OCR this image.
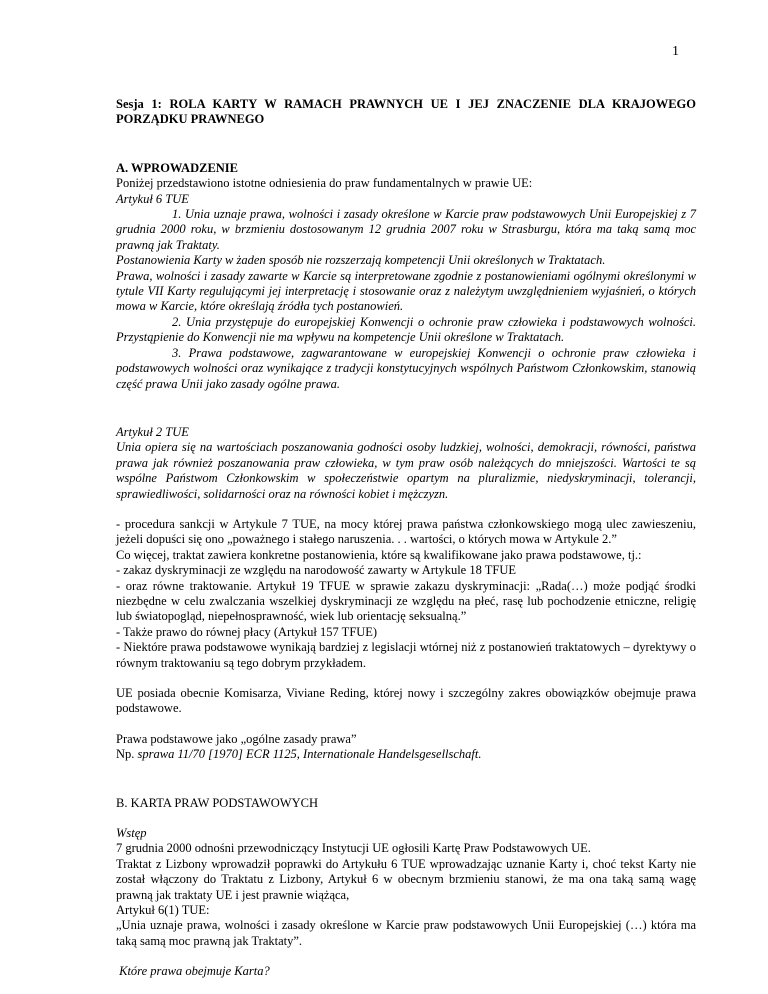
1

Sesja 1: ROLA KARTY W RAMACH PRAWNYCH UE I JEJ ZNACZENIE DLA KRAJOWEGO PORZĄDKU PRAWNEGO

A. WPROWADZENIE

Poniżej przedstawiono istotne odniesienia do praw fundamentalnych w prawie UE:

Artykuł 6 TUE

1. Unia uznaje prawa, wolności i zasady określone w Karcie praw podstawowych Unii Europejskiej z 7 grudnia 2000 roku, w brzmieniu dostosowanym 12 grudnia 2007 roku w Strasburgu, która ma taką samą moc prawną jak Traktaty.

Postanowienia Karty w żaden sposób nie rozszerzają kompetencji Unii określonych w Traktatach.

Prawa, wolności i zasady zawarte w Karcie są interpretowane zgodnie z postanowieniami ogólnymi określonymi w tytule VII Karty regulującymi jej interpretację i stosowanie oraz z należytym uwzględnieniem wyjaśnień, o których mowa w Karcie, które określają źródła tych postanowień.

2. Unia przystępuje do europejskiej Konwencji o ochronie praw człowieka i podstawowych wolności. Przystąpienie do Konwencji nie ma wpływu na kompetencje Unii określone w Traktatach.

3. Prawa podstawowe, zagwarantowane w europejskiej Konwencji o ochronie praw człowieka i podstawowych wolności oraz wynikające z tradycji konstytucyjnych wspólnych Państwom Członkowskim, stanowią część prawa Unii jako zasady ogólne prawa.

Artykuł 2 TUE

Unia opiera się na wartościach poszanowania godności osoby ludzkiej, wolności, demokracji, równości, państwa prawa jak również poszanowania praw człowieka, w tym praw osób należących do mniejszości. Wartości te są wspólne Państwom Członkowskim w społeczeństwie opartym na pluralizmie, niedyskryminacji, tolerancji, sprawiedliwości, solidarności oraz na równości kobiet i mężczyzn.

- procedura sankcji w Artykule 7 TUE, na mocy której prawa państwa członkowskiego mogą ulec zawieszeniu, jeżeli dopuści się ono „poważnego i stałego naruszenia. . . wartości, o których mowa w Artykule 2.”

Co więcej, traktat zawiera konkretne postanowienia, które są kwalifikowane jako prawa podstawowe, tj.:

- zakaz dyskryminacji ze względu na narodowość zawarty w Artykule 18 TFUE

- oraz równe traktowanie. Artykuł 19 TFUE w sprawie zakazu dyskryminacji: „Rada(…) może podjąć środki niezbędne w celu zwalczania wszelkiej dyskryminacji ze względu na płeć, rasę lub pochodzenie etniczne, religię lub światopogląd, niepełnosprawność, wiek lub orientację seksualną.”

- Także prawo do równej płacy (Artykuł 157 TFUE)

- Niektóre prawa podstawowe wynikają bardziej z legislacji wtórnej niż z postanowień traktatowych – dyrektywy o równym traktowaniu są tego dobrym przykładem.

UE posiada obecnie Komisarza, Viviane Reding, której nowy i szczególny zakres obowiązków obejmuje prawa podstawowe.

Prawa podstawowe jako „ogólne zasady prawa”

Np. sprawa 11/70 [1970] ECR 1125, Internationale Handelsgesellschaft.

B. KARTA PRAW PODSTAWOWYCH

Wstęp

7 grudnia 2000 odnośni przewodniczący Instytucji UE ogłosili Kartę Praw Podstawowych UE.

Traktat z Lizbony wprowadził poprawki do Artykułu 6 TUE wprowadzając uznanie Karty i, choć tekst Karty nie został włączony do Traktatu z Lizbony, Artykuł 6 w obecnym brzmieniu stanowi, że ma ona taką samą wagę prawną jak traktaty UE i jest prawnie wiążąca,

Artykuł 6(1) TUE:

„Unia uznaje prawa, wolności i zasady określone w Karcie praw podstawowych Unii Europejskiej (…) która ma taką samą moc prawną jak Traktaty”.

Które prawa obejmuje Karta?
